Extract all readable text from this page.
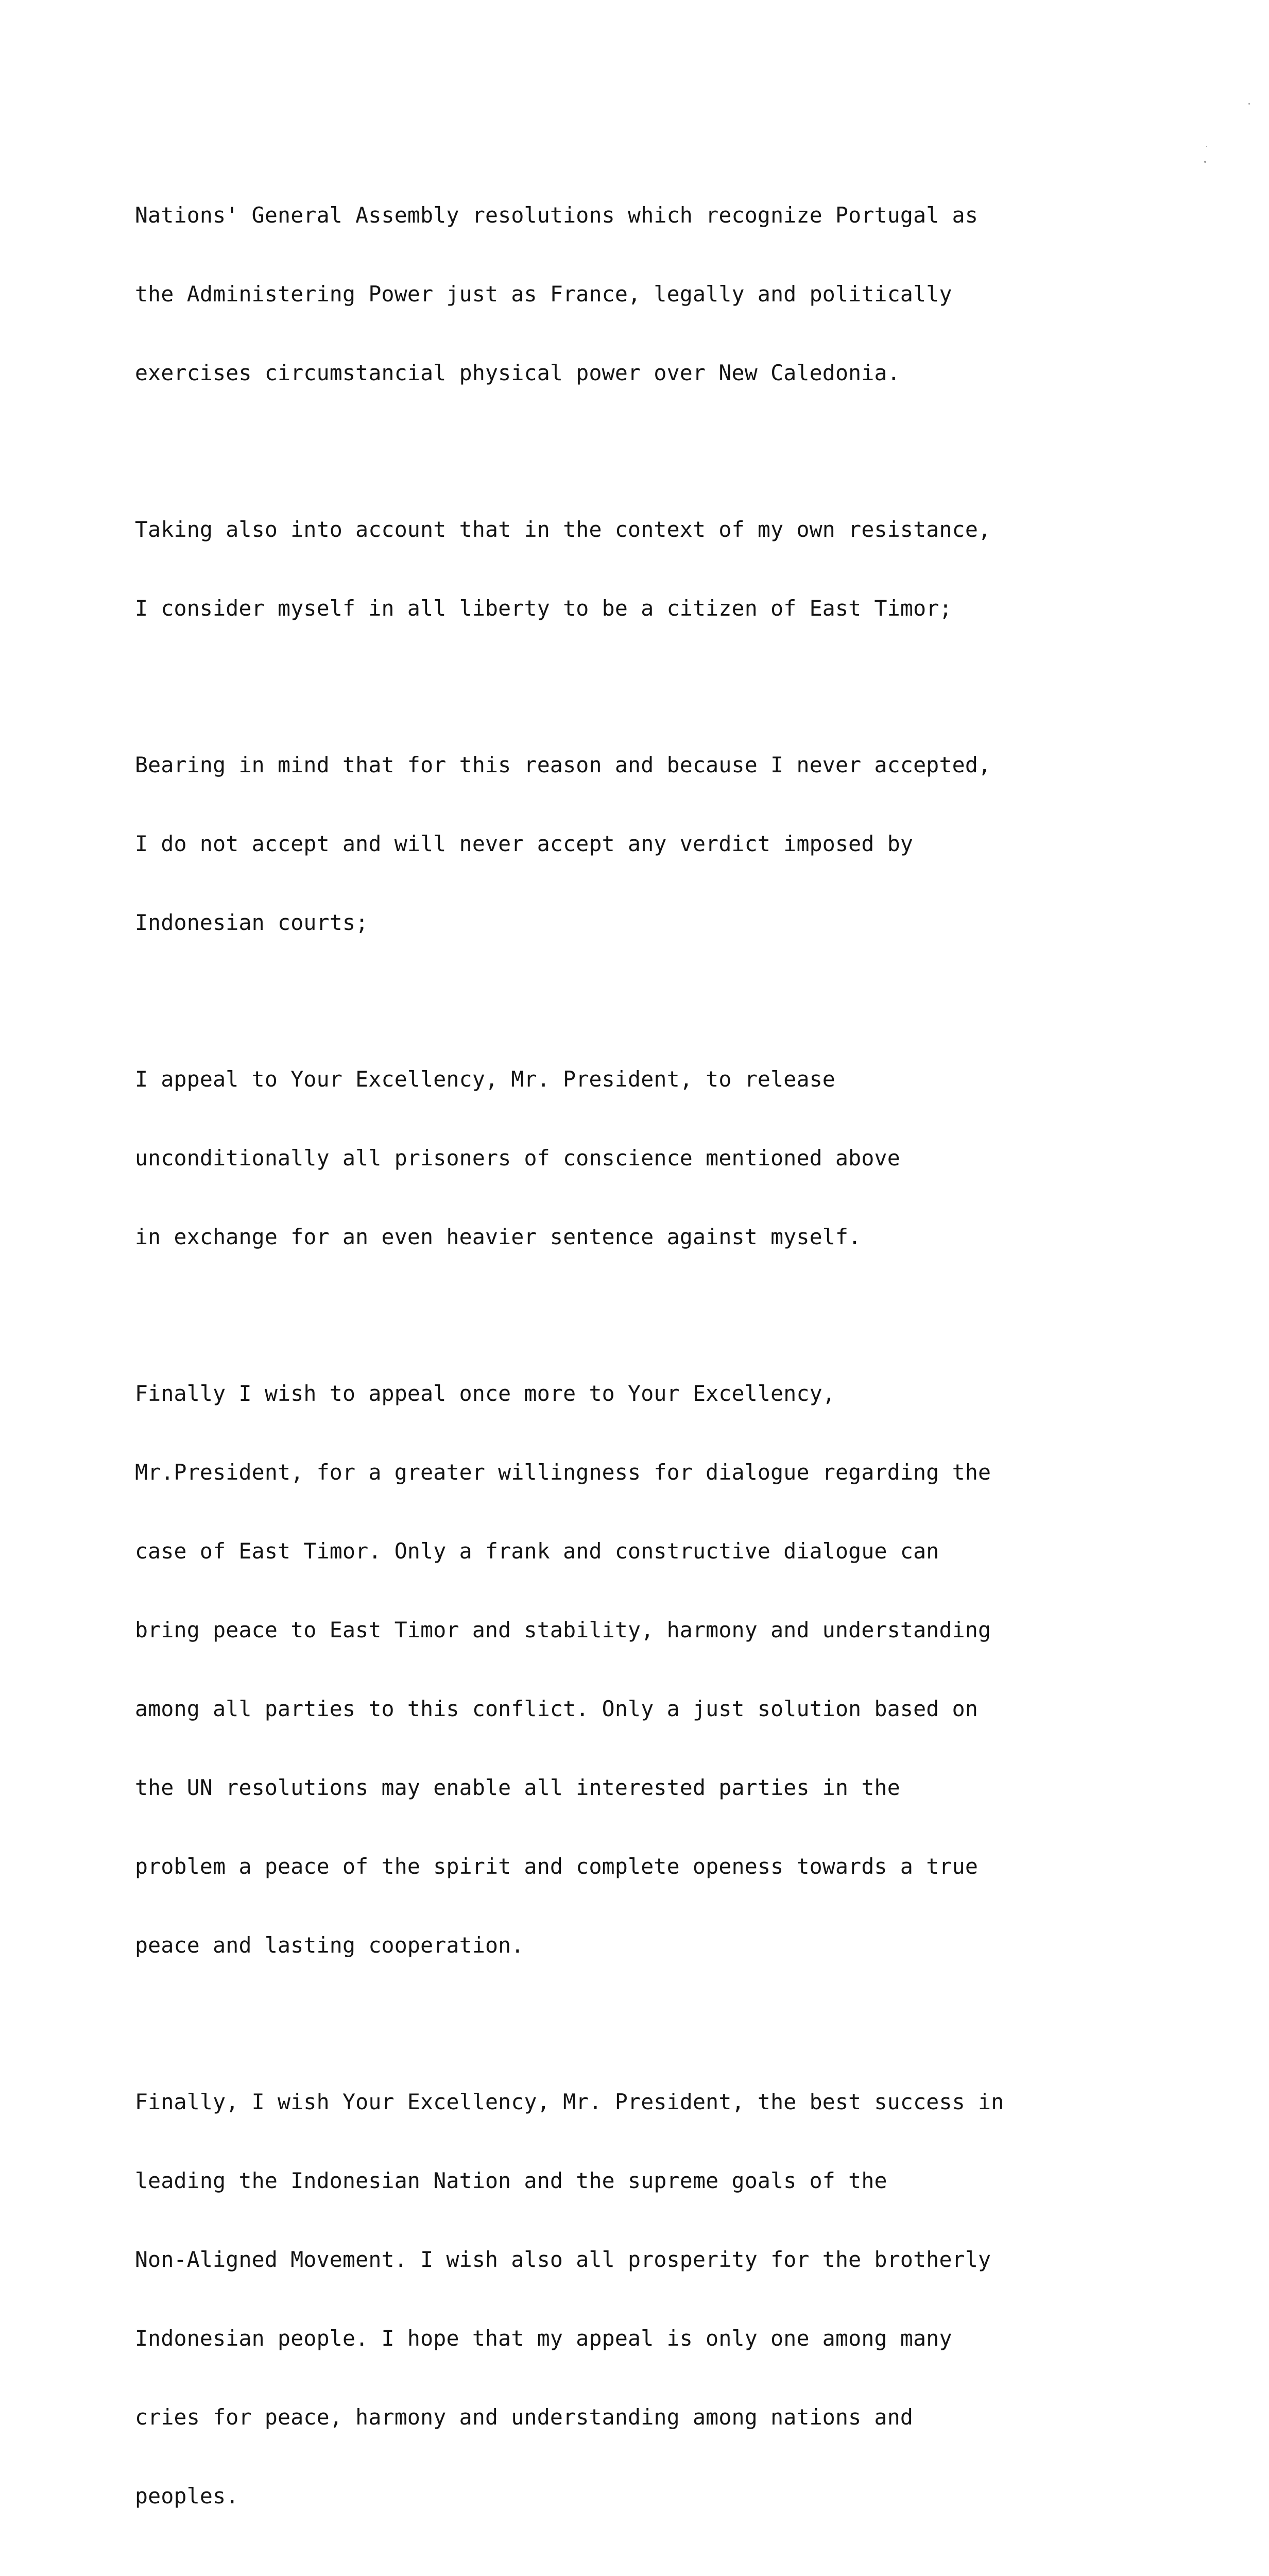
Nations' General Assembly resolutions which recognize Portugal as

the Administering Power just as France, legally and politically

exercises circumstancial physical power over New Caledonia.

Taking also into account that in the context of my own resistance,

I consider myself in all liberty to be a citizen of East Timor;

Bearing in mind that for this reason and because I never accepted,

I do not accept and will never accept any verdict imposed by

Indonesian courts;

I appeal to Your Excellency, Mr. President, to release

unconditionally all prisoners of conscience mentioned above

in exchange for an even heavier sentence against myself.

Finally I wish to appeal once more to Your Excellency,

Mr.President, for a greater willingness for dialogue regarding the

case of East Timor. Only a frank and constructive dialogue can

bring peace to East Timor and stability, harmony and understanding

among all parties to this conflict. Only a just solution based on

the UN resolutions may enable all interested parties in the

problem a peace of the spirit and complete openess towards a true

peace and lasting cooperation.

Finally, I wish Your Excellency, Mr. President, the best success in

leading the Indonesian Nation and the supreme goals of the

Non-Aligned Movement. I wish also all prosperity for the brotherly

Indonesian people. I hope that my appeal is only one among many

cries for peace, harmony and understanding among nations and

peoples.
